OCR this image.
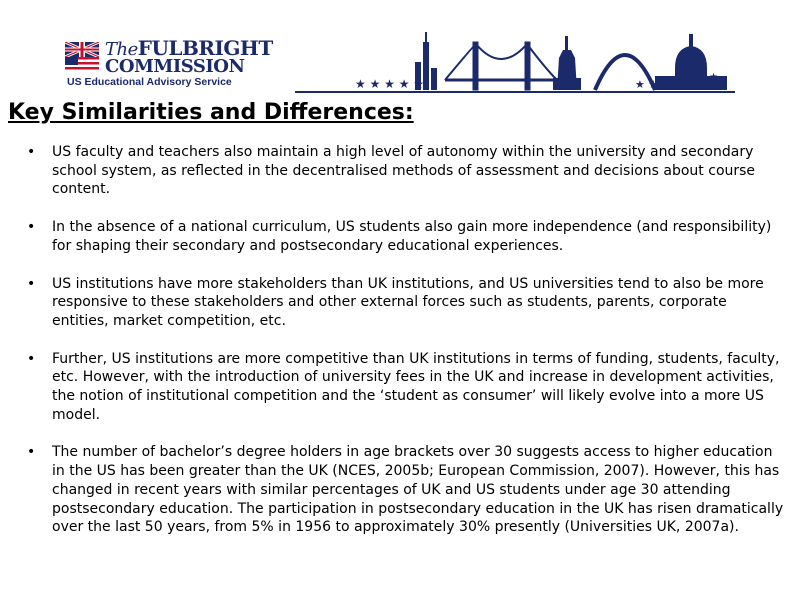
TheFULBRIGHT
COMMISSION
US Educational Advisory Service	★ ★ ★ ★ ★	★ ★ ★
★ ★
Key Similarities and Differences:
• US faculty and teachers also maintain a high level of autonomy within the university and secondary school system, as reflected in the decentralised methods of assessment and decisions about course content.
• In the absence of a national curriculum, US students also gain more independence (and responsibility) for shaping their secondary and postsecondary educational experiences.
• US institutions have more stakeholders than UK institutions, and US universities tend to also be more responsive to these stakeholders and other external forces such as students, parents, corporate entities, market competition, etc.
• Further, US institutions are more competitive than UK institutions in terms of funding, students, faculty, etc. However, with the introduction of university fees in the UK and increase in development activities, the notion of institutional competition and the ‘student as consumer’ will likely evolve into a more US model.
• The number of bachelor’s degree holders in age brackets over 30 suggests access to higher education in the US has been greater than the UK (NCES, 2005b; European Commission, 2007). However, this has changed in recent years with similar percentages of UK and US students under age 30 attending postsecondary education. The participation in postsecondary education in the UK has risen dramatically over the last 50 years, from 5% in 1956 to approximately 30% presently (Universities UK, 2007a).
